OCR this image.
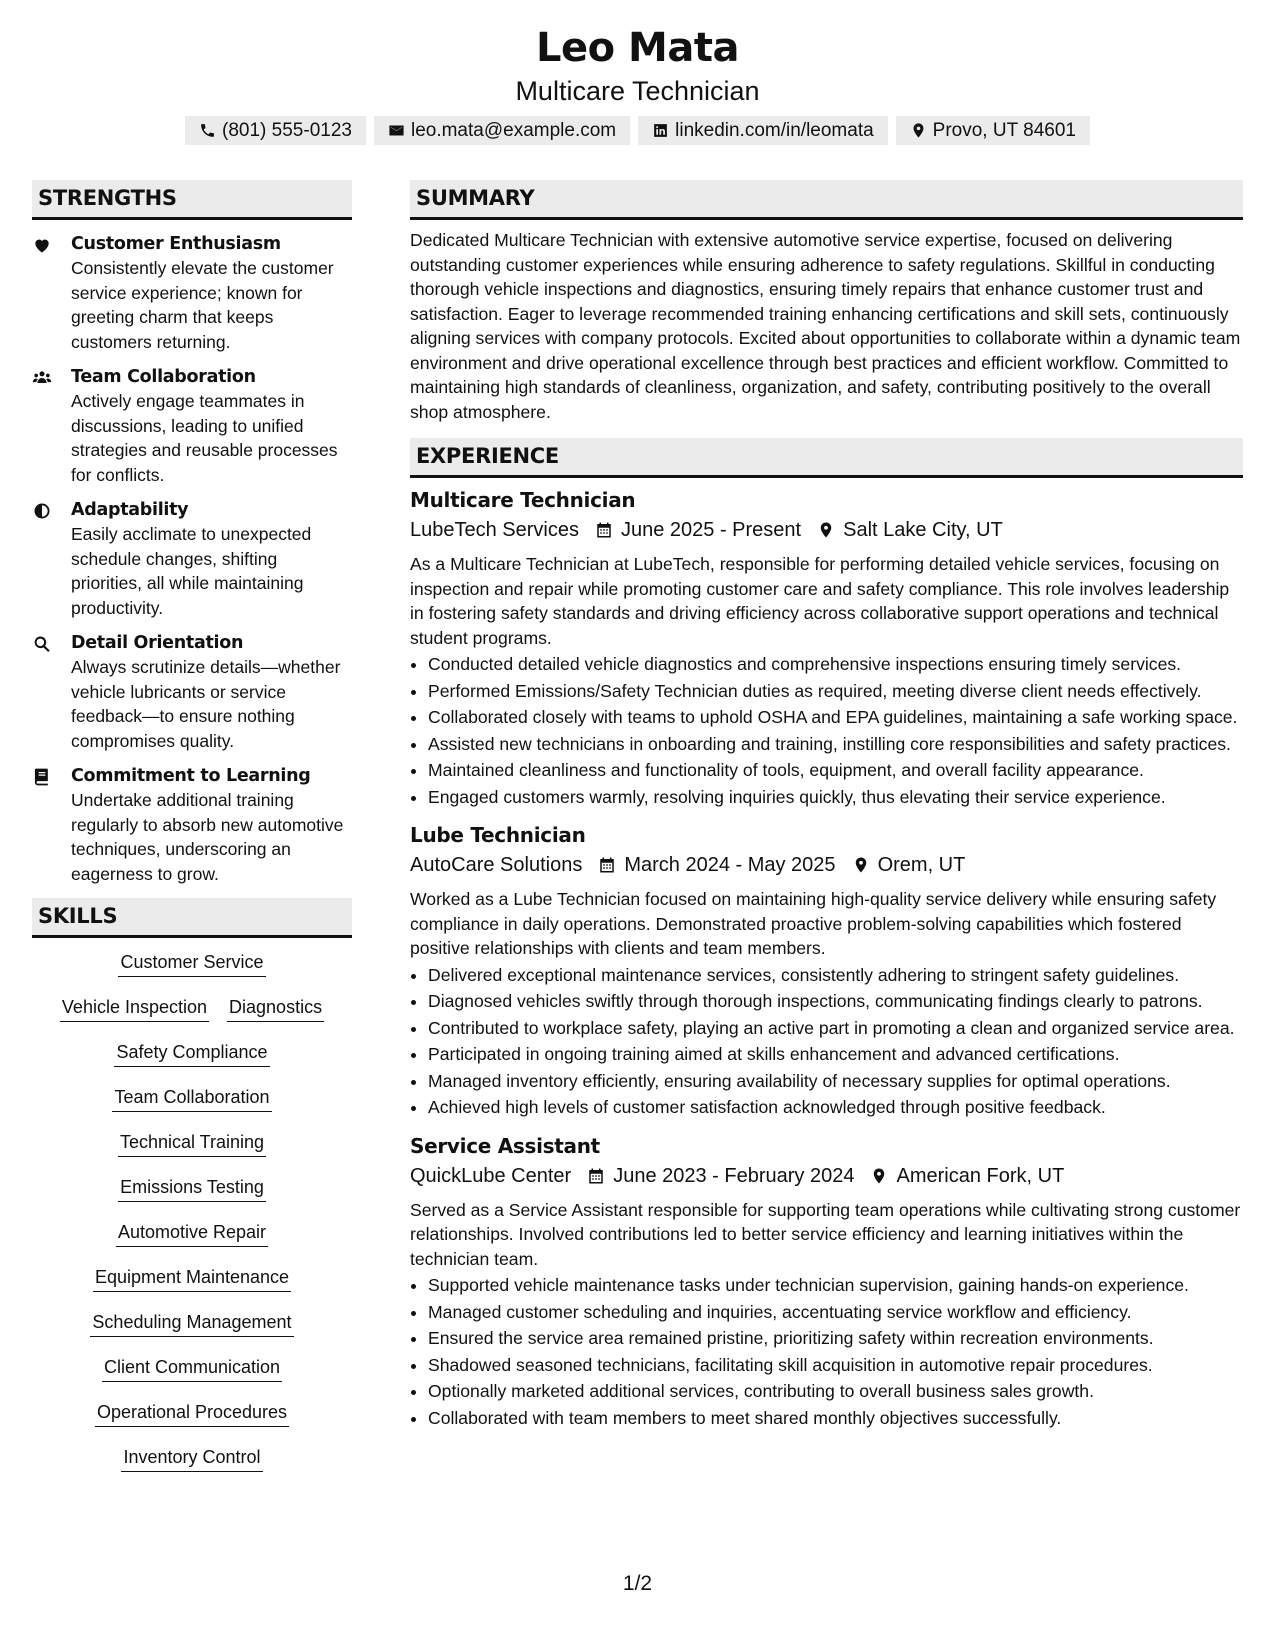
Leo Mata
Multicare Technician
(801) 555-0123	leo.mata@example.com	linkedin.com/in/leomata	Provo, UT 84601
STRENGTHS
Customer Enthusiasm
Consistently elevate the customer service experience; known for greeting charm that keeps customers returning.
Team Collaboration
Actively engage teammates in discussions, leading to unified strategies and reusable processes for conflicts.
Adaptability
Easily acclimate to unexpected schedule changes, shifting priorities, all while maintaining productivity.
Detail Orientation
Always scrutinize details—whether vehicle lubricants or service feedback—to ensure nothing compromises quality.
Commitment to Learning
Undertake additional training regularly to absorb new automotive techniques, underscoring an eagerness to grow.
SKILLS
Customer Service
Vehicle Inspection Diagnostics
Safety Compliance
Team Collaboration
Technical Training
Emissions Testing
Automotive Repair
Equipment Maintenance
Scheduling Management
Client Communication
Operational Procedures
Inventory Control
SUMMARY
Dedicated Multicare Technician with extensive automotive service expertise, focused on delivering outstanding customer experiences while ensuring adherence to safety regulations. Skillful in conducting thorough vehicle inspections and diagnostics, ensuring timely repairs that enhance customer trust and satisfaction. Eager to leverage recommended training enhancing certifications and skill sets, continuously aligning services with company protocols. Excited about opportunities to collaborate within a dynamic team environment and drive operational excellence through best practices and efficient workflow. Committed to maintaining high standards of cleanliness, organization, and safety, contributing positively to the overall shop atmosphere.
EXPERIENCE
Multicare Technician
LubeTech Services June 2025 - Present Salt Lake City, UT
As a Multicare Technician at LubeTech, responsible for performing detailed vehicle services, focusing on inspection and repair while promoting customer care and safety compliance. This role involves leadership in fostering safety standards and driving efficiency across collaborative support operations and technical student programs.
• Conducted detailed vehicle diagnostics and comprehensive inspections ensuring timely services.
• Performed Emissions/Safety Technician duties as required, meeting diverse client needs effectively.
• Collaborated closely with teams to uphold OSHA and EPA guidelines, maintaining a safe working space.
• Assisted new technicians in onboarding and training, instilling core responsibilities and safety practices.
• Maintained cleanliness and functionality of tools, equipment, and overall facility appearance.
• Engaged customers warmly, resolving inquiries quickly, thus elevating their service experience.
Lube Technician
AutoCare Solutions March 2024 - May 2025 Orem, UT
Worked as a Lube Technician focused on maintaining high-quality service delivery while ensuring safety compliance in daily operations. Demonstrated proactive problem-solving capabilities which fostered positive relationships with clients and team members.
• Delivered exceptional maintenance services, consistently adhering to stringent safety guidelines.
• Diagnosed vehicles swiftly through thorough inspections, communicating findings clearly to patrons.
• Contributed to workplace safety, playing an active part in promoting a clean and organized service area.
• Participated in ongoing training aimed at skills enhancement and advanced certifications.
• Managed inventory efficiently, ensuring availability of necessary supplies for optimal operations.
• Achieved high levels of customer satisfaction acknowledged through positive feedback.
Service Assistant
QuickLube Center June 2023 - February 2024 American Fork, UT
Served as a Service Assistant responsible for supporting team operations while cultivating strong customer relationships. Involved contributions led to better service efficiency and learning initiatives within the technician team.
• Supported vehicle maintenance tasks under technician supervision, gaining hands-on experience.
• Managed customer scheduling and inquiries, accentuating service workflow and efficiency.
• Ensured the service area remained pristine, prioritizing safety within recreation environments.
• Shadowed seasoned technicians, facilitating skill acquisition in automotive repair procedures.
• Optionally marketed additional services, contributing to overall business sales growth.
• Collaborated with team members to meet shared monthly objectives successfully.
1/2
